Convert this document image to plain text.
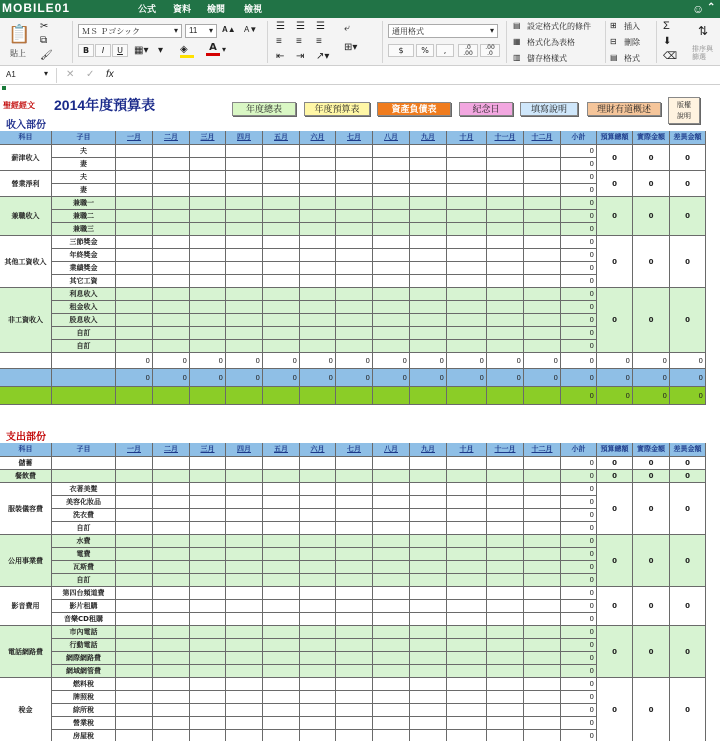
MOBILE01	公式 資料 檢閱 檢視	☺ ⌃
📋
貼上
✂
⧉
🖌
ＭＳ Ｐゴシック	▾	11 ▾ A▲ A▼
B	I	U	▦▾ ▾ ◈	A ▾
☰ ☰ ☰
≡ ≡ ≡
⇤ ⇥ ↗▾
⤶
⊞▾
通用格式	▾
$	%	,	.0
.00
.00
.0
▤ 設定格式化的條件
▦ 格式化為表格
▥ 儲存格樣式
⊞ 插入
⊟ 刪除
▤ 格式
Σ
⬇
⌫
⇅
排序與篩選
A1	▾ ✕ ✓ fx
聖經經文 2014年度預算表	年度總表	年度預算表	資產負債表	紀念日	填寫說明	理財有道概述	版權
說明
收入部份
支出部份
科目	子目	一月	二月	三月	四月	五月	六月	七月	八月	九月	十月	十一月	十二月	小計	預算總額	實際金額	差異金額
薪津收入
夫	0
妻	0
0	0	0
營業淨利
夫	0
妻	0
0	0	0
兼職收入
兼職一	0
兼職二	0
兼職三	0
0	0	0
其他工資收入
三節獎金	0
年終獎金	0
業績獎金	0
其它工資	0
0	0	0
非工資收入
利息收入	0
租金收入	0
股息收入	0
自訂	0
自訂	0
0	0	0
0	0	0	0	0	0	0	0	0	0	0	0	0	0	0	0
0	0	0	0	0	0	0	0	0	0	0	0	0	0	0	0
0	0	0	0
科目	子目	一月	二月	三月	四月	五月	六月	七月	八月	九月	十月	十一月	十二月	小計	預算總額	實際金額	差異金額
儲蓄	0	0	0	0
餐飲費	0	0	0	0
服裝儀容費
衣著美髮	0
美容化妝品	0
洗衣費	0
自訂	0
0	0	0
公用事業費
水費	0
電費	0
瓦斯費	0
自訂	0
0	0	0
影音費用
第四台頻道費	0
影片租購	0
音樂CD租購	0
0	0	0
電話網路費
市內電話	0
行動電話	0
網際網路費	0
網域網管費	0
0	0	0
稅金
燃料稅	0
牌照稅	0
綜所稅	0
營業稅	0
房屋稅	0
0	0	0
